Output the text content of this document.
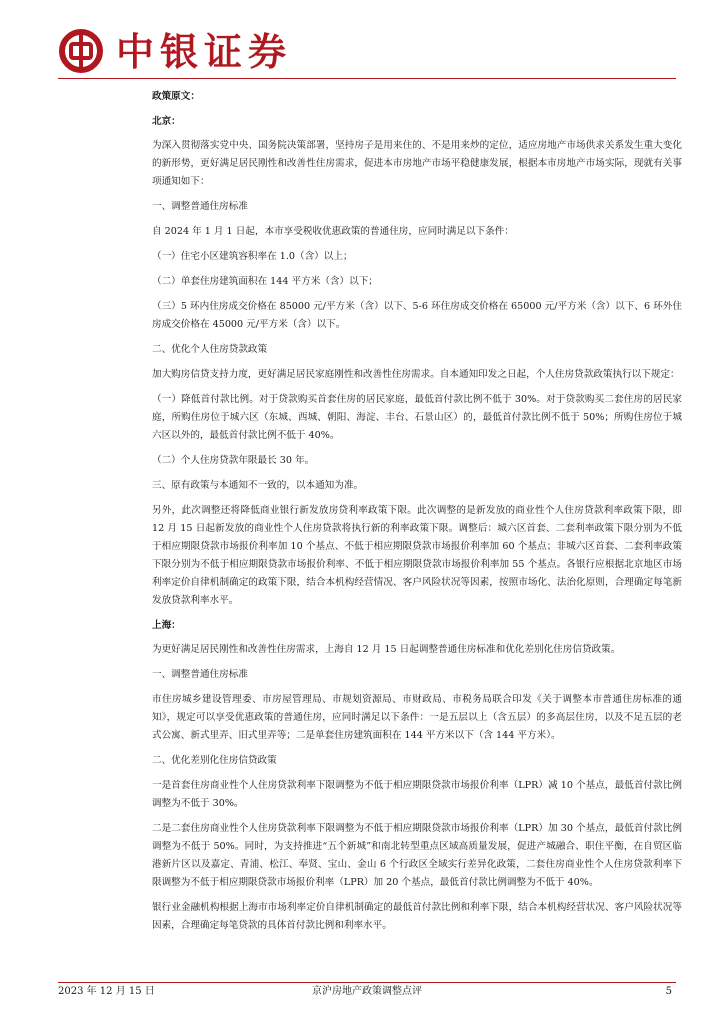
中银证券

政策原文：

北京：

为深入贯彻落实党中央、国务院决策部署，坚持房子是用来住的、不是用来炒的定位，适应房地产市场供求关系发生重大变化的新形势，更好满足居民刚性和改善性住房需求，促进本市房地产市场平稳健康发展，根据本市房地产市场实际，现就有关事项通知如下：

一、调整普通住房标准

自 2024 年 1 月 1 日起，本市享受税收优惠政策的普通住房，应同时满足以下条件：

（一）住宅小区建筑容积率在 1.0（含）以上；

（二）单套住房建筑面积在 144 平方米（含）以下；

（三）5 环内住房成交价格在 85000 元/平方米（含）以下、5-6 环住房成交价格在 65000 元/平方米（含）以下、6 环外住房成交价格在 45000 元/平方米（含）以下。

二、优化个人住房贷款政策

加大购房信贷支持力度，更好满足居民家庭刚性和改善性住房需求。自本通知印发之日起，个人住房贷款政策执行以下规定：

（一）降低首付款比例。对于贷款购买首套住房的居民家庭，最低首付款比例不低于 30%。对于贷款购买二套住房的居民家庭，所购住房位于城六区（东城、西城、朝阳、海淀、丰台、石景山区）的，最低首付款比例不低于 50%；所购住房位于城六区以外的，最低首付款比例不低于 40%。

（二）个人住房贷款年限最长 30 年。

三、原有政策与本通知不一致的，以本通知为准。

另外，此次调整还将降低商业银行新发放房贷利率政策下限。此次调整的是新发放的商业性个人住房贷款利率政策下限，即 12 月 15 日起新发放的商业性个人住房贷款将执行新的利率政策下限。调整后：城六区首套、二套利率政策下限分别为不低于相应期限贷款市场报价利率加 10 个基点、不低于相应期限贷款市场报价利率加 60 个基点；非城六区首套、二套利率政策下限分别为不低于相应期限贷款市场报价利率、不低于相应期限贷款市场报价利率加 55 个基点。各银行应根据北京地区市场利率定价自律机制确定的政策下限，结合本机构经营情况、客户风险状况等因素，按照市场化、法治化原则，合理确定每笔新发放贷款利率水平。

上海：

为更好满足居民刚性和改善性住房需求，上海自 12 月 15 日起调整普通住房标准和优化差别化住房信贷政策。

一、调整普通住房标准

市住房城乡建设管理委、市房屋管理局、市规划资源局、市财政局、市税务局联合印发《关于调整本市普通住房标准的通知》，规定可以享受优惠政策的普通住房，应同时满足以下条件：一是五层以上（含五层）的多高层住房，以及不足五层的老式公寓、新式里弄、旧式里弄等；二是单套住房建筑面积在 144 平方米以下（含 144 平方米）。

二、优化差别化住房信贷政策

一是首套住房商业性个人住房贷款利率下限调整为不低于相应期限贷款市场报价利率（LPR）减 10 个基点，最低首付款比例调整为不低于 30%。

二是二套住房商业性个人住房贷款利率下限调整为不低于相应期限贷款市场报价利率（LPR）加 30 个基点，最低首付款比例调整为不低于 50%。同时，为支持推进“五个新城”和南北转型重点区域高质量发展，促进产城融合、职住平衡，在自贸区临港新片区以及嘉定、青浦、松江、奉贤、宝山、金山 6 个行政区全域实行差异化政策，二套住房商业性个人住房贷款利率下限调整为不低于相应期限贷款市场报价利率（LPR）加 20 个基点，最低首付款比例调整为不低于 40%。

银行业金融机构根据上海市市场利率定价自律机制确定的最低首付款比例和利率下限，结合本机构经营状况、客户风险状况等因素，合理确定每笔贷款的具体首付款比例和利率水平。

2023 年 12 月 15 日	京沪房地产政策调整点评	5
